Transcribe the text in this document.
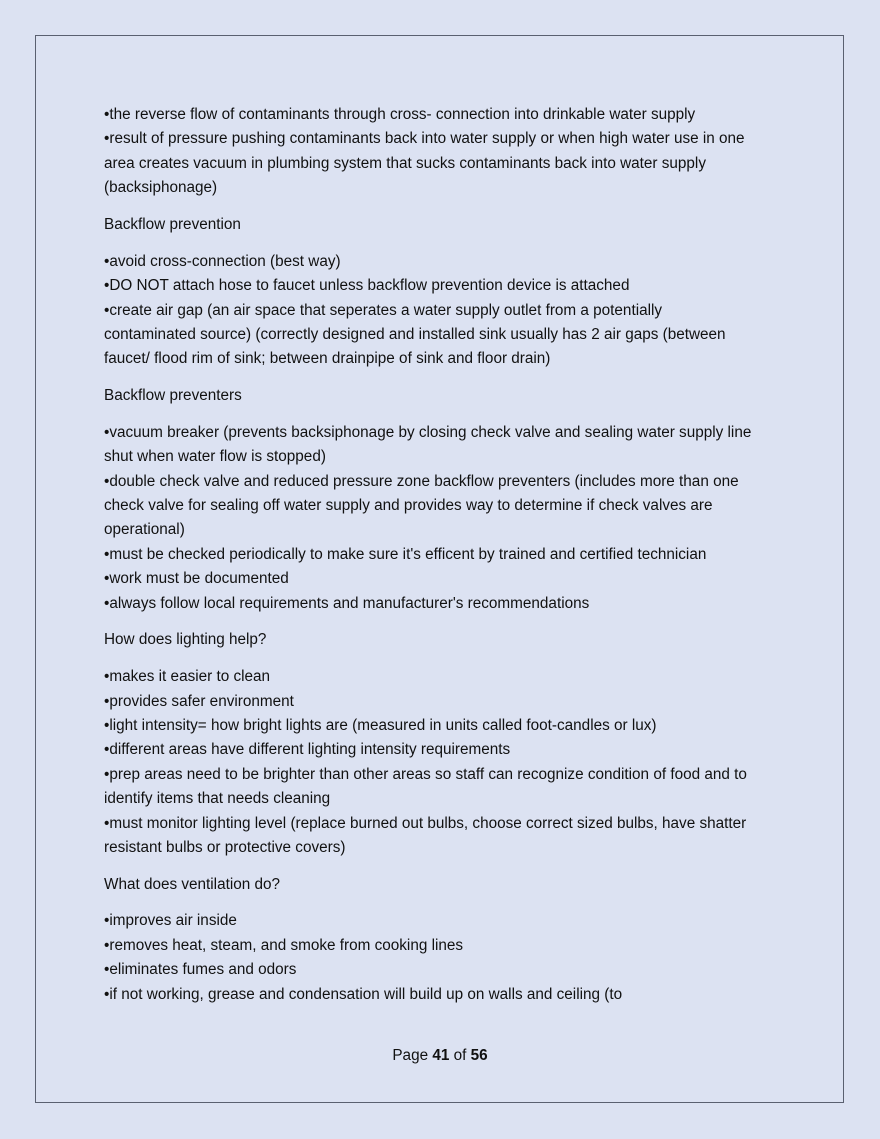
•the reverse flow of contaminants through cross- connection into drinkable water supply
•result of pressure pushing contaminants back into water supply or when high water use in one
area creates vacuum in plumbing system that sucks contaminants back into water supply
(backsiphonage)
Backflow prevention
•avoid cross-connection (best way)
•DO NOT attach hose to faucet unless backflow prevention device is attached
•create air gap (an air space that seperates a water supply outlet from a potentially
contaminated source) (correctly designed and installed sink usually has 2 air gaps (between
faucet/ flood rim of sink; between drainpipe of sink and floor drain)
Backflow preventers
•vacuum breaker (prevents backsiphonage by closing check valve and sealing water supply line
shut when water flow is stopped)
•double check valve and reduced pressure zone backflow preventers (includes more than one
check valve for sealing off water supply and provides way to determine if check valves are
operational)
•must be checked periodically to make sure it's efficent by trained and certified technician
•work must be documented
•always follow local requirements and manufacturer's recommendations
How does lighting help?
•makes it easier to clean
•provides safer environment
•light intensity= how bright lights are (measured in units called foot-candles or lux)
•different areas have different lighting intensity requirements
•prep areas need to be brighter than other areas so staff can recognize condition of food and to
identify items that needs cleaning
•must monitor lighting level (replace burned out bulbs, choose correct sized bulbs, have shatter
resistant bulbs or protective covers)
What does ventilation do?
•improves air inside
•removes heat, steam, and smoke from cooking lines
•eliminates fumes and odors
•if not working, grease and condensation will build up on walls and ceiling (to
Page 41 of 56
